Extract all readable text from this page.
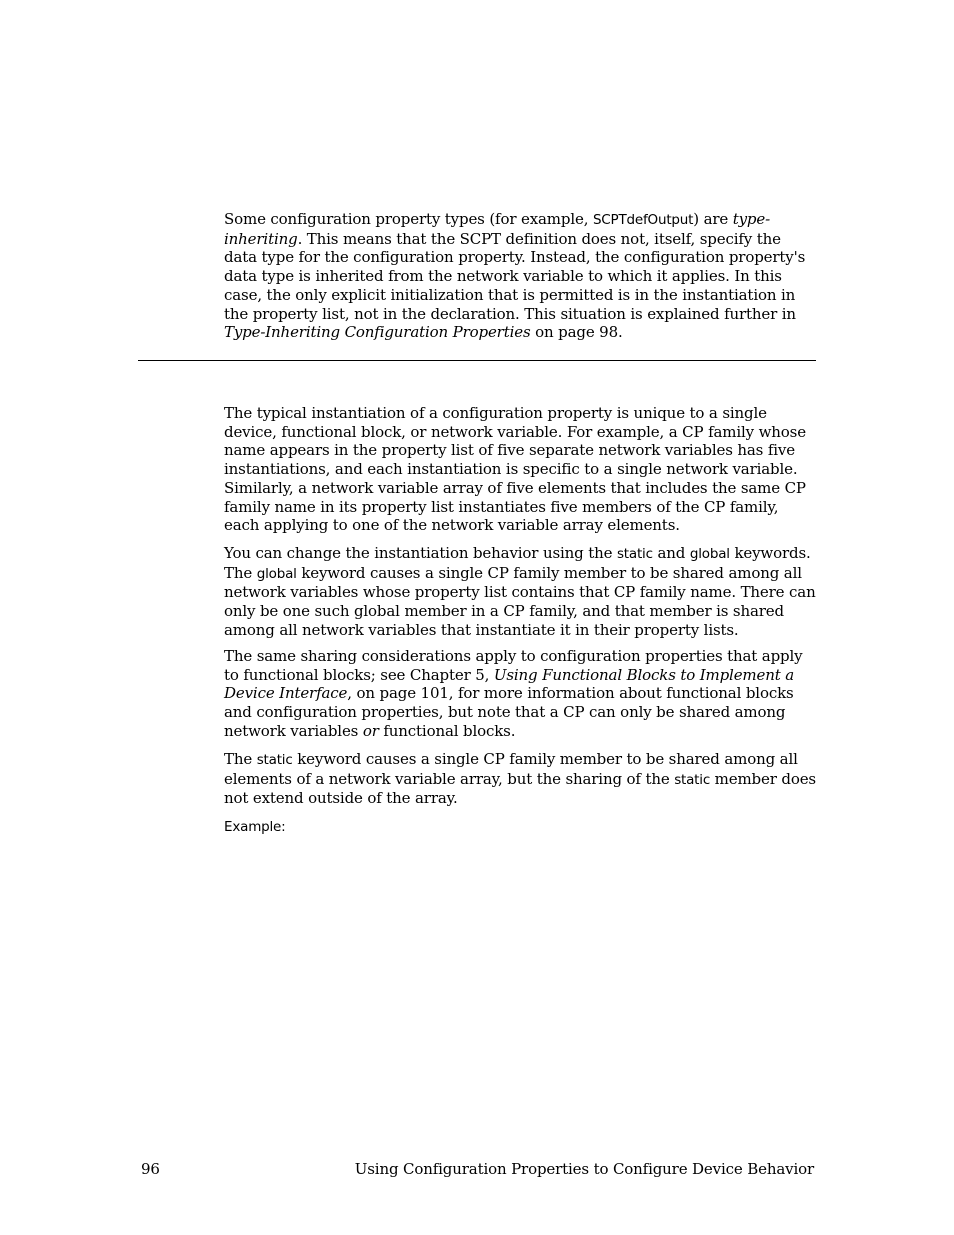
Some configuration property types (for example, SCPTdefOutput) are type-inheriting. This means that the SCPT definition does not, itself, specify the data type for the configuration property. Instead, the configuration property's data type is inherited from the network variable to which it applies. In this case, the only explicit initialization that is permitted is in the instantiation in the property list, not in the declaration. This situation is explained further in Type-Inheriting Configuration Properties on page 98.

The typical instantiation of a configuration property is unique to a single device, functional block, or network variable. For example, a CP family whose name appears in the property list of five separate network variables has five instantiations, and each instantiation is specific to a single network variable. Similarly, a network variable array of five elements that includes the same CP family name in its property list instantiates five members of the CP family, each applying to one of the network variable array elements.

You can change the instantiation behavior using the static and global keywords. The global keyword causes a single CP family member to be shared among all network variables whose property list contains that CP family name. There can only be one such global member in a CP family, and that member is shared among all network variables that instantiate it in their property lists.

The same sharing considerations apply to configuration properties that apply to functional blocks; see Chapter 5, Using Functional Blocks to Implement a Device Interface, on page 101, for more information about functional blocks and configuration properties, but note that a CP can only be shared among network variables or functional blocks.

The static keyword causes a single CP family member to be shared among all elements of a network variable array, but the sharing of the static member does not extend outside of the array.

Example:
96	Using Configuration Properties to Configure Device Behavior
